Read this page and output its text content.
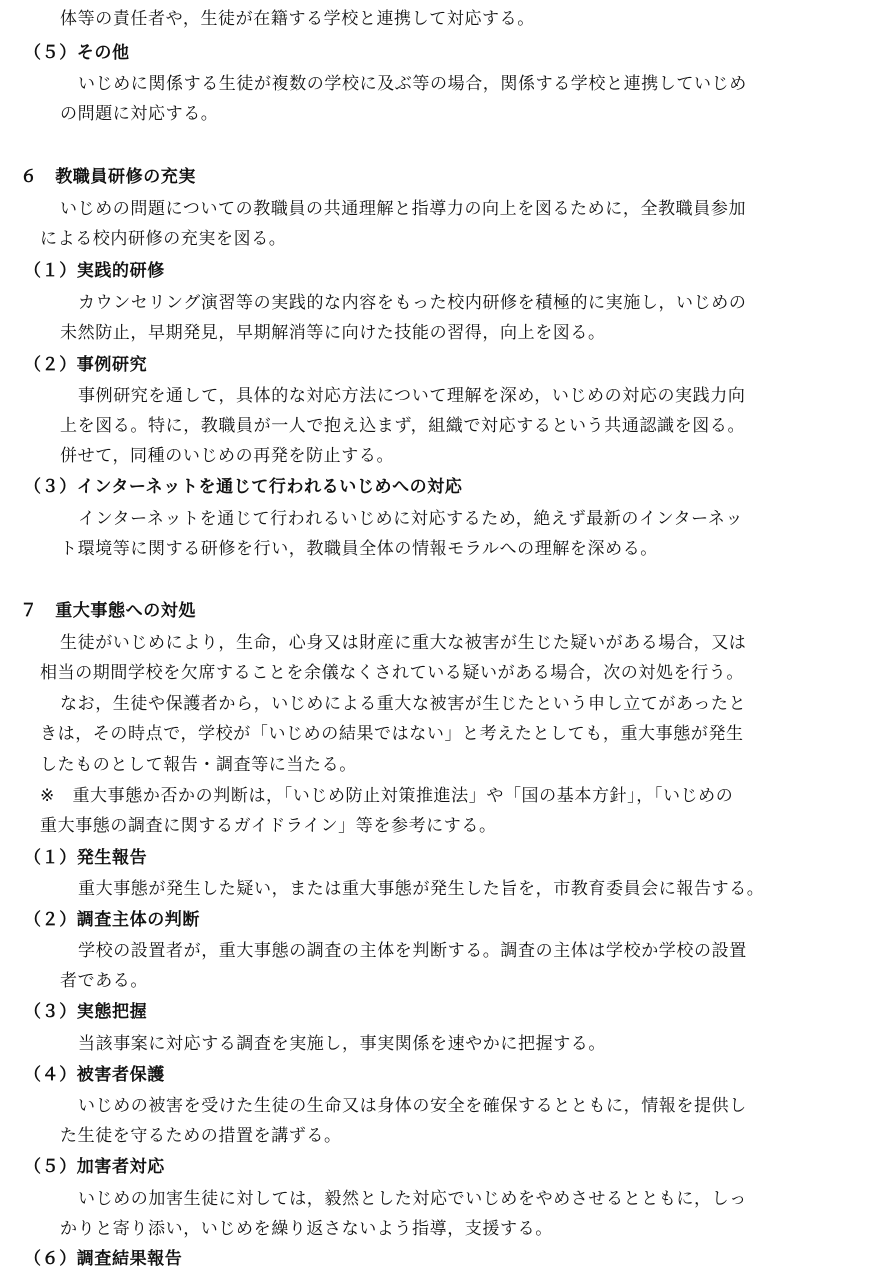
体等の責任者や，生徒が在籍する学校と連携して対応する。
（５）その他
いじめに関係する生徒が複数の学校に及ぶ等の場合，関係する学校と連携していじめ
の問題に対応する。
６　教職員研修の充実
いじめの問題についての教職員の共通理解と指導力の向上を図るために，全教職員参加
による校内研修の充実を図る。
（１）実践的研修
カウンセリング演習等の実践的な内容をもった校内研修を積極的に実施し，いじめの
未然防止，早期発見，早期解消等に向けた技能の習得，向上を図る。
（２）事例研究
事例研究を通して，具体的な対応方法について理解を深め，いじめの対応の実践力向
上を図る。特に，教職員が一人で抱え込まず，組織で対応するという共通認識を図る。
併せて，同種のいじめの再発を防止する。
（３）インターネットを通じて行われるいじめへの対応
インターネットを通じて行われるいじめに対応するため，絶えず最新のインターネッ
ト環境等に関する研修を行い，教職員全体の情報モラルへの理解を深める。
７　重大事態への対処
生徒がいじめにより，生命，心身又は財産に重大な被害が生じた疑いがある場合，又は
相当の期間学校を欠席することを余儀なくされている疑いがある場合，次の対処を行う。
なお，生徒や保護者から，いじめによる重大な被害が生じたという申し立てがあったと
きは，その時点で，学校が「いじめの結果ではない」と考えたとしても，重大事態が発生
したものとして報告・調査等に当たる。
※　重大事態か否かの判断は，「いじめ防止対策推進法」や「国の基本方針」，「いじめの
重大事態の調査に関するガイドライン」等を参考にする。
（１）発生報告
重大事態が発生した疑い，または重大事態が発生した旨を，市教育委員会に報告する。
（２）調査主体の判断
学校の設置者が，重大事態の調査の主体を判断する。調査の主体は学校か学校の設置
者である。
（３）実態把握
当該事案に対応する調査を実施し，事実関係を速やかに把握する。
（４）被害者保護
いじめの被害を受けた生徒の生命又は身体の安全を確保するとともに，情報を提供し
た生徒を守るための措置を講ずる。
（５）加害者対応
いじめの加害生徒に対しては，毅然とした対応でいじめをやめさせるとともに，しっ
かりと寄り添い，いじめを繰り返さないよう指導，支援する。
（６）調査結果報告
